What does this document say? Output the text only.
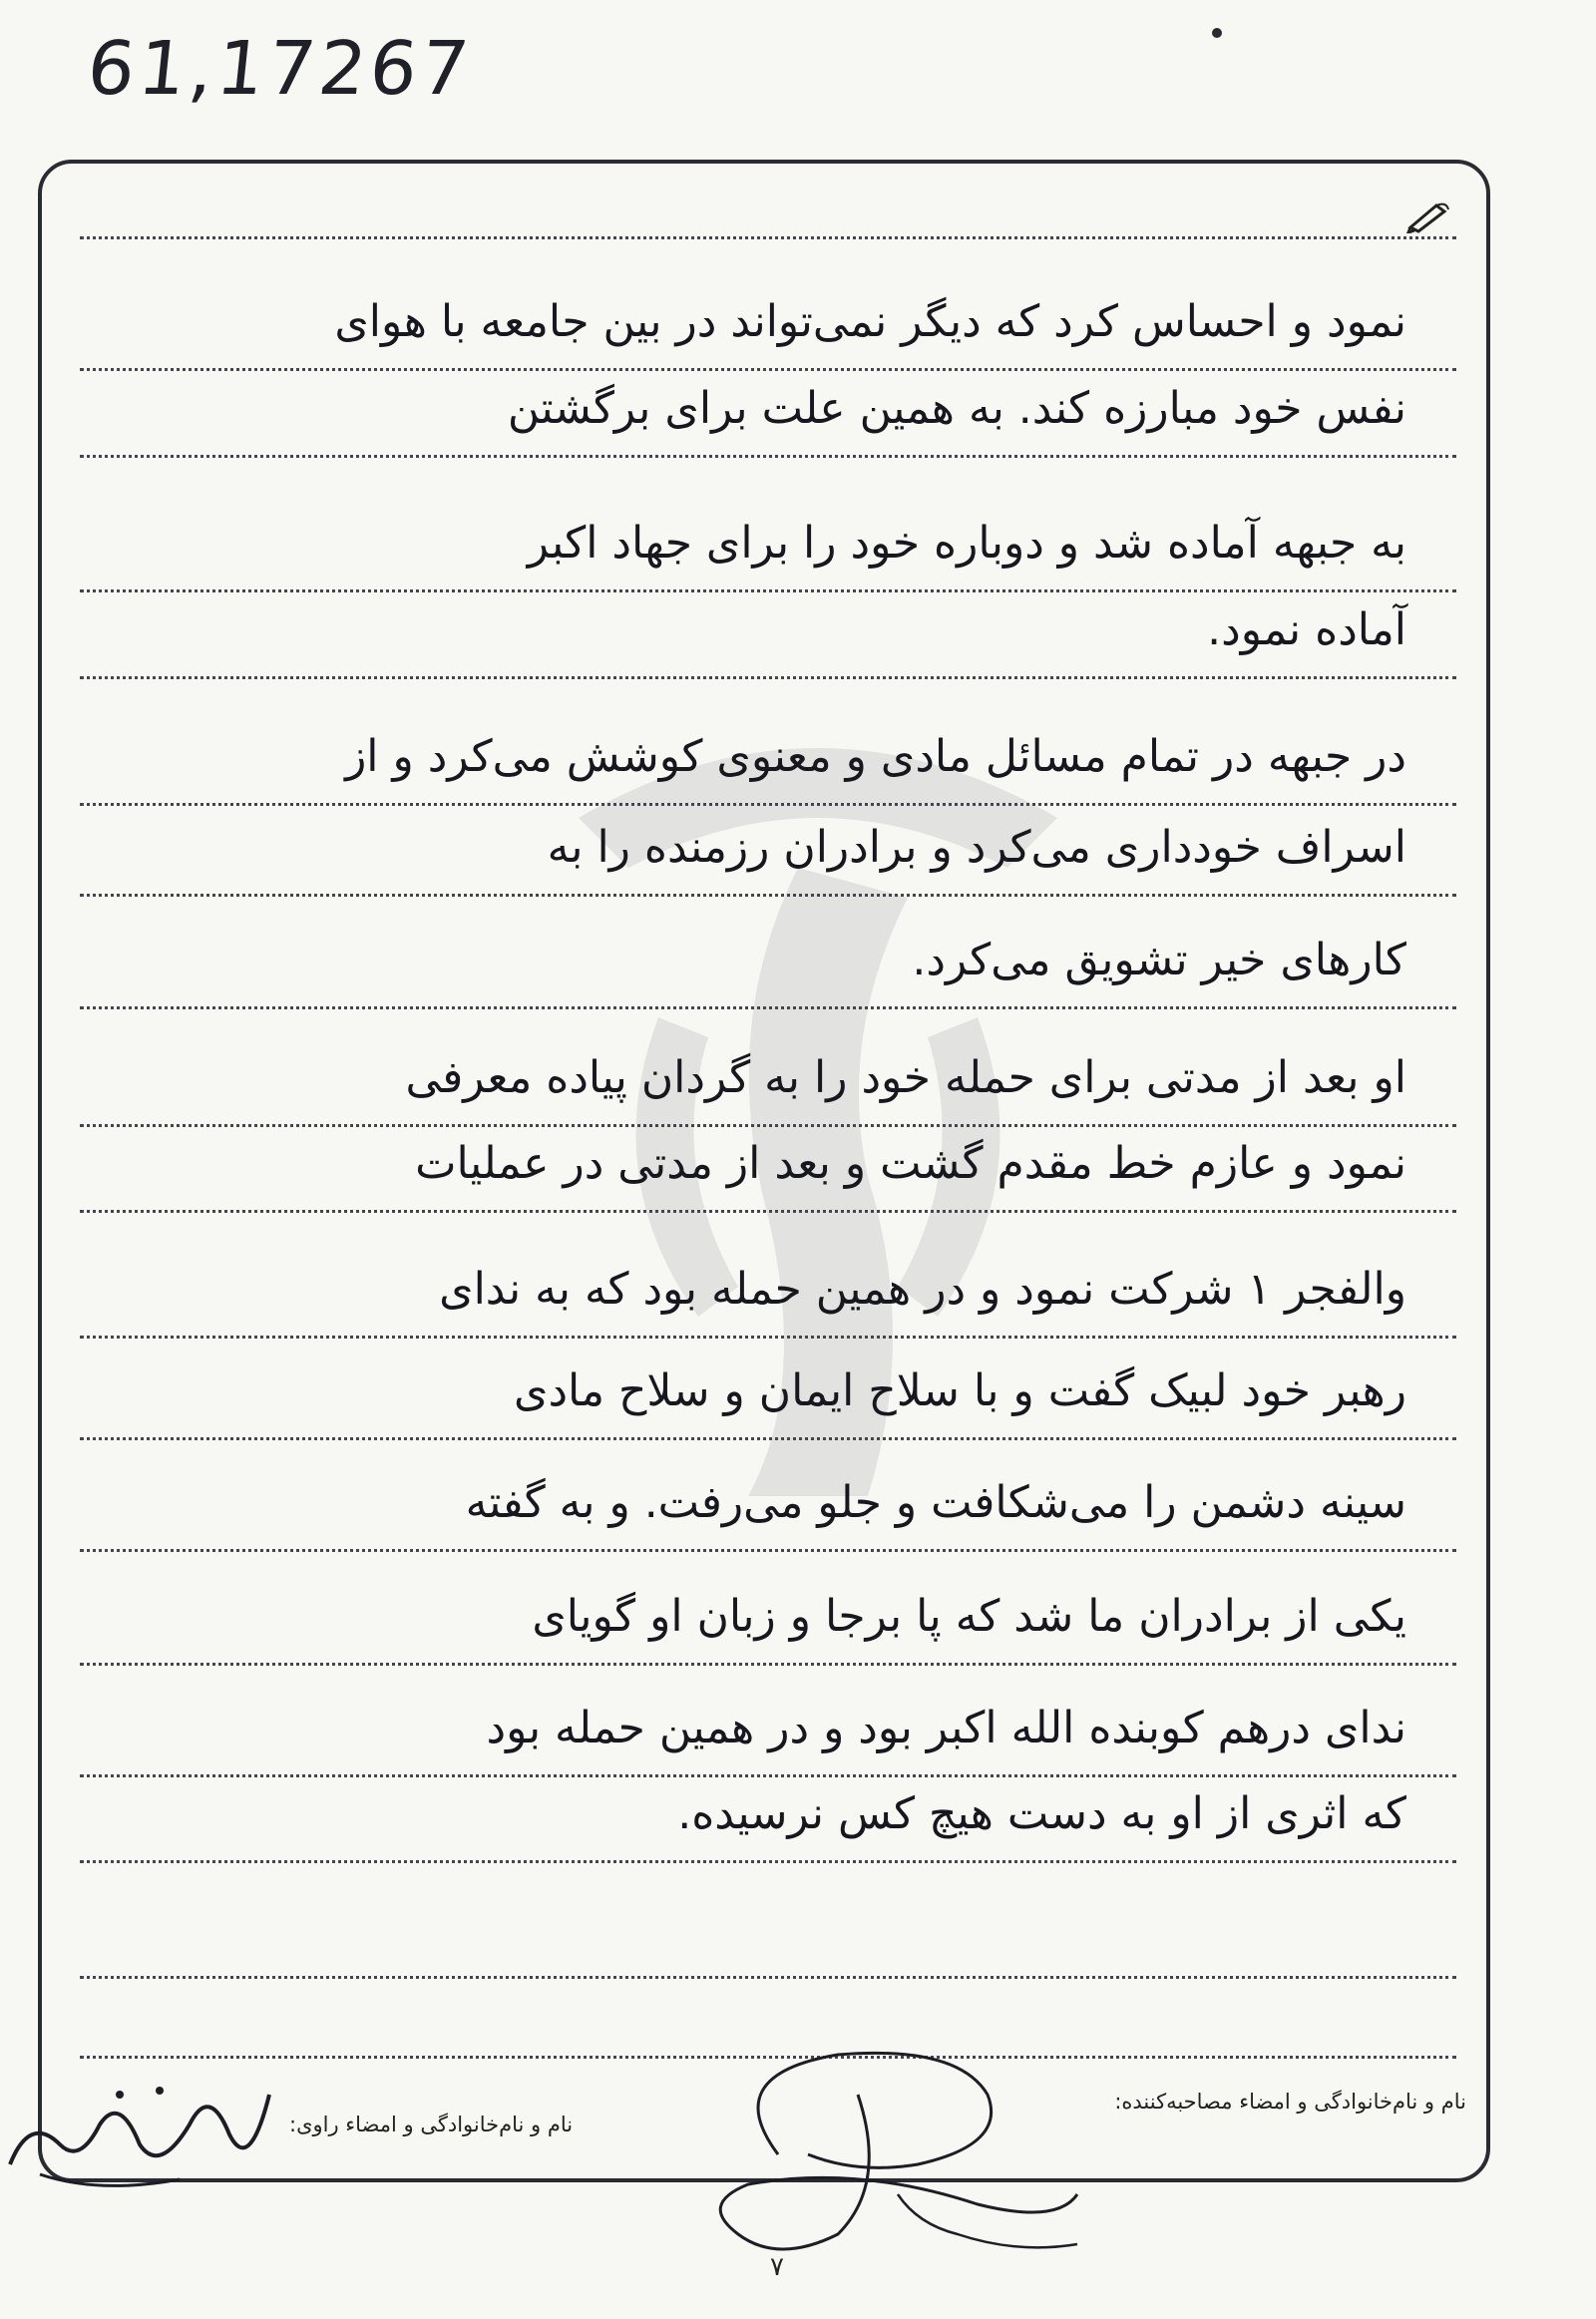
61,17267
نمود و احساس کرد که دیگر نمی‌تواند در بین جامعه با هوای
نفس خود مبارزه کند. به همین علت برای برگشتن
به جبهه آماده شد و دوباره خود را برای جهاد اکبر
آماده نمود.
در جبهه در تمام مسائل مادی و معنوی کوشش می‌کرد و از
اسراف خودداری می‌کرد و برادران رزمنده را به
کارهای خیر تشویق می‌کرد.
او بعد از مدتی برای حمله خود را به گردان پیاده معرفی
نمود و عازم خط مقدم گشت و بعد از مدتی در عملیات
والفجر ۱ شرکت نمود و در همین حمله بود که به ندای
رهبر خود لبیک گفت و با سلاح ایمان و سلاح مادی
سینه دشمن را می‌شکافت و جلو می‌رفت. و به گفته
یکی از برادران ما شد که پا برجا و زبان او گویای
ندای درهم کوبنده الله اکبر بود و در همین حمله بود
که اثری از او به دست هیچ کس نرسیده.
نام و نام‌خانوادگی و امضاء مصاحبه‌کننده:
نام و نام‌خانوادگی و امضاء راوی:
۷
